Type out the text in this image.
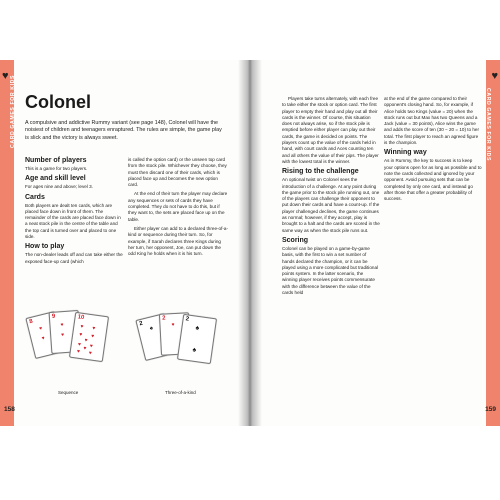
CARD GAMES FOR KIDS
♥
Colonel

A compulsive and addictive Rummy variant (see page 148), Colonel will have the noisiest of children and teenagers enraptured. The rules are simple, the game play is slick and the victory is always sweet.

Number of players

This is a game for two players.

Age and skill level

For ages nine and above; level 3.

Cards

Both players are dealt ten cards, which are placed face down in front of them. The remainder of the cards are placed face down in a neat stock pile in the centre of the table and the top card is turned over and placed to one side.

How to play

The non-dealer leads off and can take either the exposed face-up card (which

is called the option card) or the unseen top card from the stock pile. Whichever they choose, they must then discard one of their cards, which is placed face up and becomes the new option card.

At the end of their turn the player may declare any sequences or sets of cards they have completed. They do not have to do this, but if they want to, the sets are placed face up on the table.

Either player can add to a declared three-of-a-kind or sequence during their turn. So, for example, if Sarah declares three Kings during her turn, her opponent, Joe, can put down the odd King he holds when it is his turn.

8
♥
♥
9
♥
♥
10
♥ ♥
♥ ♥
♥
♥ ♥
♥ ♥
♥
Sequence
2
♣
2
♥
2
♠
♠
Three-of-a-kind
158
CARD GAMES FOR KIDS
♥

Players take turns alternately, with each free to take either the stock or option card. The first player to empty their hand and play out all their cards is the winner. Of course, this situation does not always arise, so if the stock pile is emptied before either player can play out their cards, the game is decided on points. The players count up the value of the cards held in hand, with court cards and Aces counting ten and all others the value of their pips. The player with the lowest total is the winner.

Rising to the challenge

An optional twist on Colonel sees the introduction of a challenge. At any point during the game prior to the stock pile running out, one of the players can challenge their opponent to put down their cards and have a count-up. If the player challenged declines, the game continues as normal; however, if they accept, play is brought to a halt and the cards are scored in the same way as when the stock pile runs out.

Scoring

Colonel can be played on a game-by-game basis, with the first to win a set number of hands declared the champion, or it can be played using a more complicated but traditional points system. In the latter scenario, the winning player receives points commensurate with the difference between the value of the cards held

at the end of the game compared to their opponent's closing hand. So, for example, if Alice holds two Kings (value = 20) when the stock runs out but Max has two Queens and a Jack (value = 30 points), Alice wins the game and adds the score of ten (30 − 20 = 10) to her total. The first player to reach an agreed figure is the champion.

Winning way

As in Rummy, the key to success is to keep your options open for as long as possible and to note the cards collected and ignored by your opponent. Avoid pursuing sets that can be completed by only one card, and instead go after those that offer a greater probability of success.

159
